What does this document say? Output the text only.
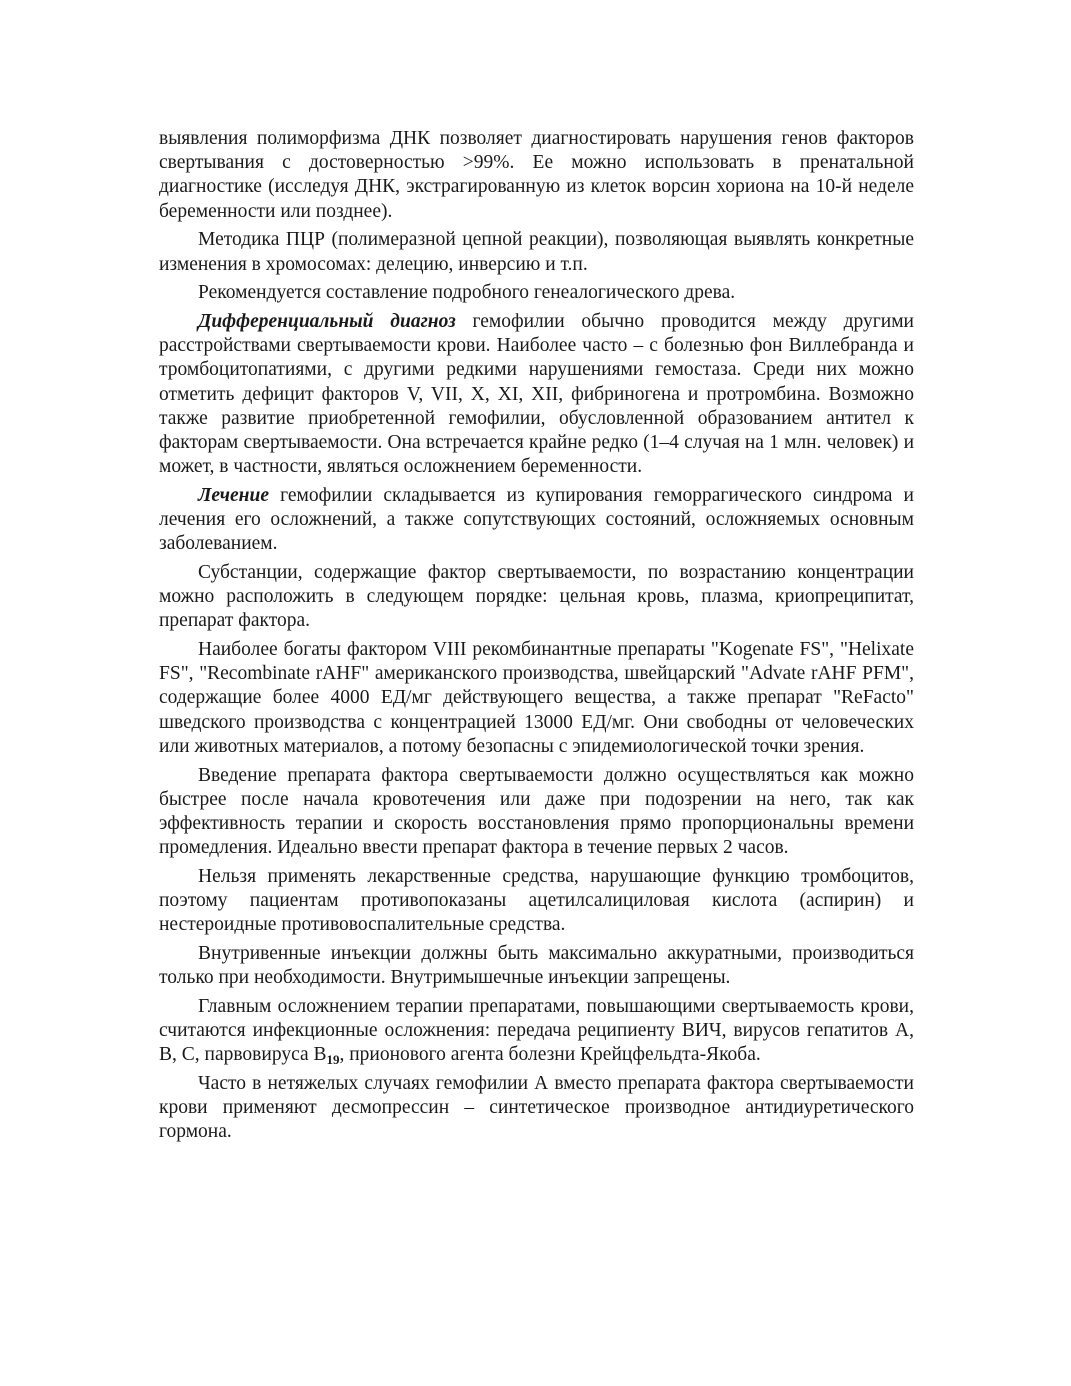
выявления полиморфизма ДНК позволяет диагностировать нарушения генов факторов свертывания с достоверностью >99%. Ее можно использовать в пренатальной диагностике (исследуя ДНК, экстрагированную из клеток ворсин хориона на 10-й неделе беременности или позднее).

Методика ПЦР (полимеразной цепной реакции), позволяющая выявлять конкретные изменения в хромосомах: делецию, инверсию и т.п.

Рекомендуется составление подробного генеалогического древа.

Дифференциальный диагноз гемофилии обычно проводится между другими расстройствами свертываемости крови. Наиболее часто – с болезнью фон Виллебранда и тромбоцитопатиями, с другими редкими нарушениями гемостаза. Среди них можно отметить дефицит факторов V, VII, X, XI, XII, фибриногена и протромбина. Возможно также развитие приобретенной гемофилии, обусловленной образованием антител к факторам свертываемости. Она встречается крайне редко (1–4 случая на 1 млн. человек) и может, в частности, являться осложнением беременности.

Лечение гемофилии складывается из купирования геморрагического синдрома и лечения его осложнений, а также сопутствующих состояний, осложняемых основным заболеванием.

Субстанции, содержащие фактор свертываемости, по возрастанию концентрации можно расположить в следующем порядке: цельная кровь, плазма, криопреципитат, препарат фактора.

Наиболее богаты фактором VIII рекомбинантные препараты "Kogenate FS", "Helixate FS", "Recombinate rAHF" американского производства, швейцарский "Advate rAHF PFM", содержащие более 4000 ЕД/мг действующего вещества, а также препарат "ReFacto" шведского производства с концентрацией 13000 ЕД/мг. Они свободны от человеческих или животных материалов, а потому безопасны с эпидемиологической точки зрения.

Введение препарата фактора свертываемости должно осуществляться как можно быстрее после начала кровотечения или даже при подозрении на него, так как эффективность терапии и скорость восстановления прямо пропорциональны времени промедления. Идеально ввести препарат фактора в течение первых 2 часов.

Нельзя применять лекарственные средства, нарушающие функцию тромбоцитов, поэтому пациентам противопоказаны ацетилсалициловая кислота (аспирин) и нестероидные противовоспалительные средства.

Внутривенные инъекции должны быть максимально аккуратными, производиться только при необходимости. Внутримышечные инъекции запрещены.

Главным осложнением терапии препаратами, повышающими свертываемость крови, считаются инфекционные осложнения: передача реципиенту ВИЧ, вирусов гепатитов А, В, С, парвовируса $В_{19}$, прионового агента болезни Крейцфельдта-Якоба.

Часто в нетяжелых случаях гемофилии А вместо препарата фактора свертываемости крови применяют десмопрессин – синтетическое производное антидиуретического гормона.
